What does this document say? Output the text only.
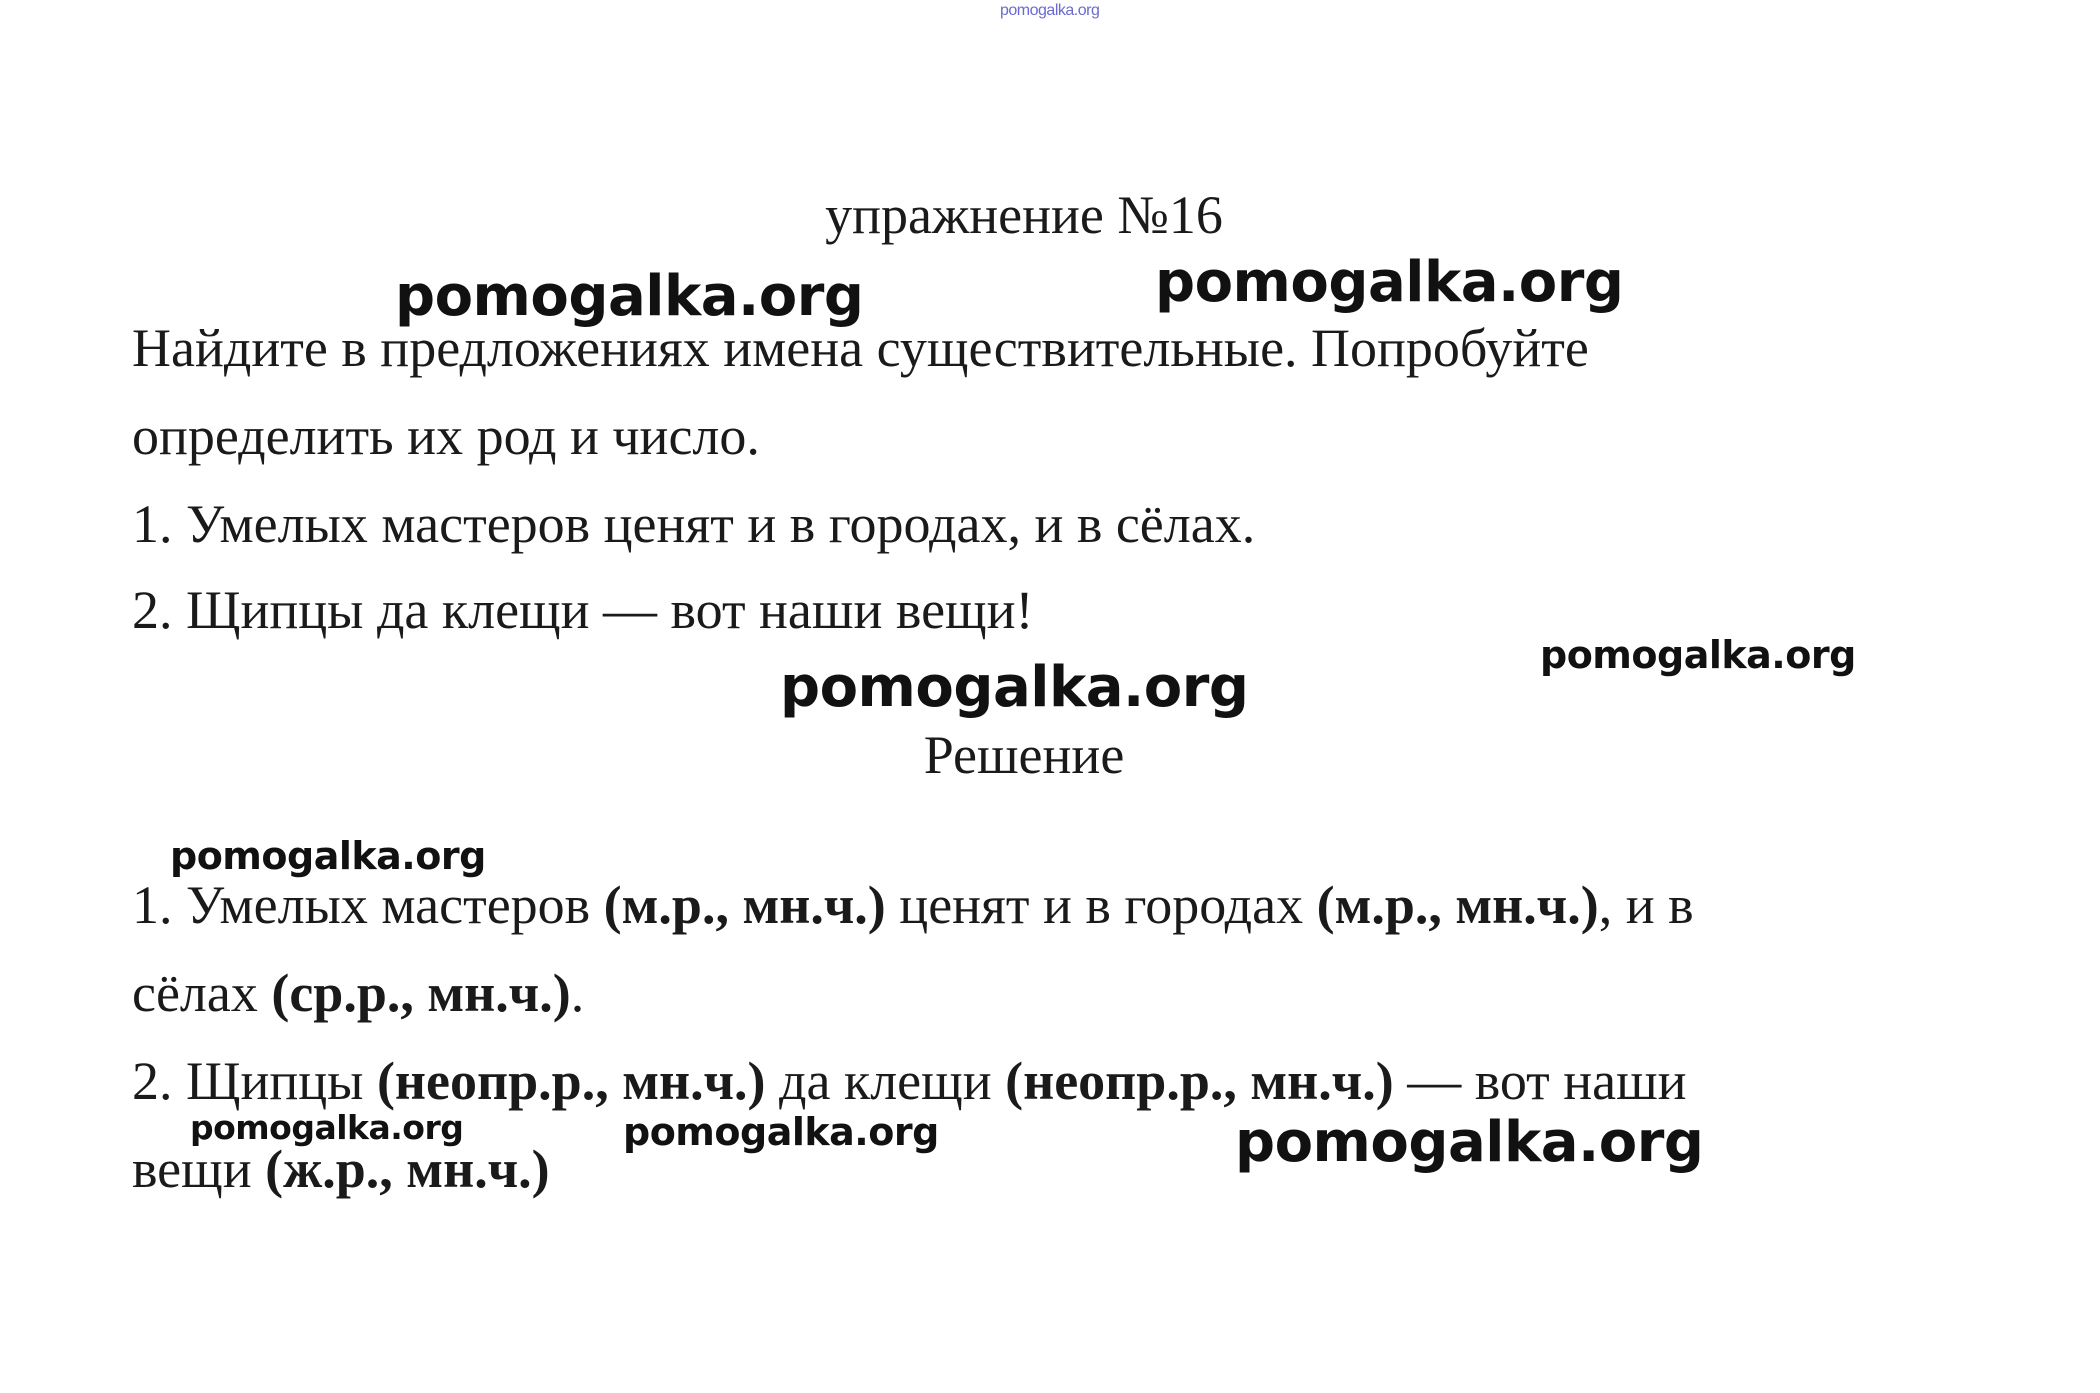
pomogalka.org
упражнение №16
Найдите в предложениях имена существительные. Попробуйте
определить их род и число.
1. Умелых мастеров ценят и в городах, и в сёлах.
2. Щипцы да клещи — вот наши вещи!
Решение
1. Умелых мастеров (м.р., мн.ч.) ценят и в городах (м.р., мн.ч.), и в
сёлах (ср.р., мн.ч.).
2. Щипцы (неопр.р., мн.ч.) да клещи (неопр.р., мн.ч.) — вот наши
вещи (ж.р., мн.ч.)
pomogalka.org	pomogalka.org
pomogalka.org	pomogalka.org
pomogalka.org
pomogalka.org	pomogalka.org	pomogalka.org
